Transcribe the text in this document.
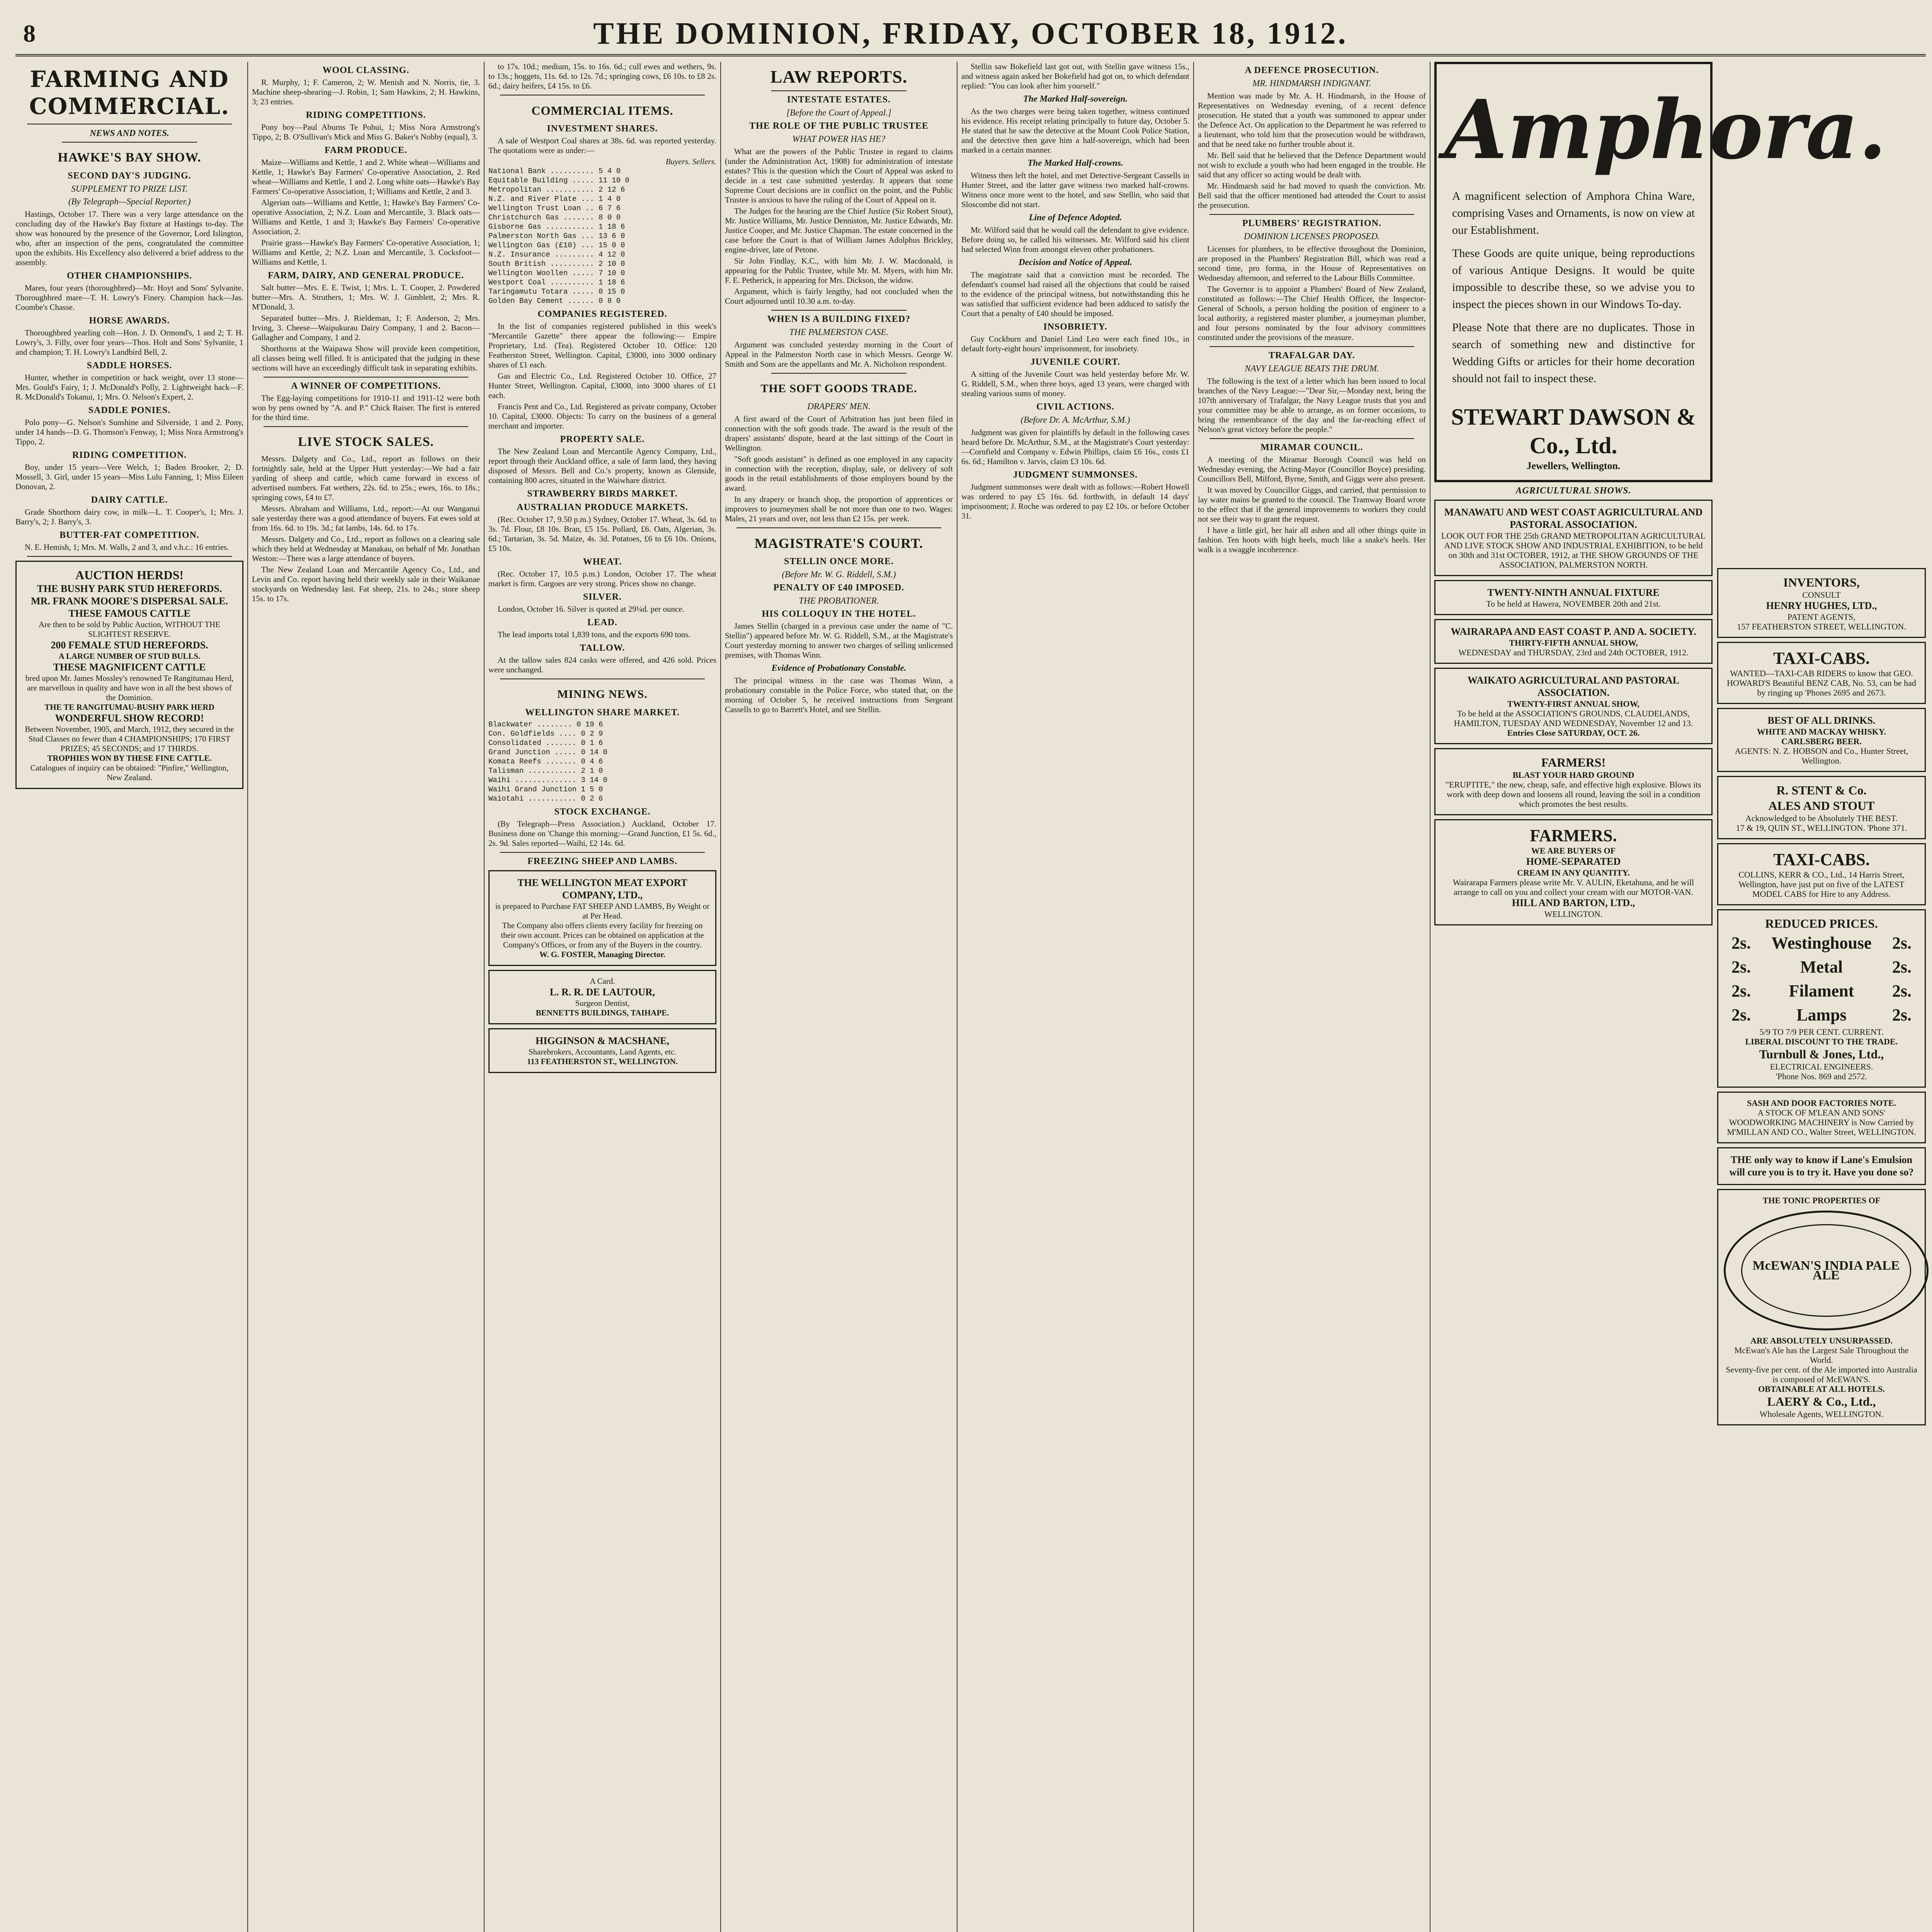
8	THE DOMINION, FRIDAY, OCTOBER 18, 1912.
FARMING AND COMMERCIAL.
NEWS AND NOTES.
HAWKE'S BAY SHOW.
SECOND DAY'S JUDGING.
SUPPLEMENT TO PRIZE LIST.
(By Telegraph—Special Reporter.)

Hastings, October 17. There was a very large attendance on the concluding day of the Hawke's Bay fixture at Hastings to-day. The show was honoured by the presence of the Governor, Lord Islington, who, after an inspection of the pens, congratulated the committee upon the exhibits. His Excellency also delivered a brief address to the assembly.

OTHER CHAMPIONSHIPS.

Mares, four years (thoroughbred)—Mr. Hoyt and Sons' Sylvanite. Thoroughbred mare—T. H. Lowry's Finery. Champion hack—Jas. Coombe's Chasse.

HORSE AWARDS.

Thoroughbred yearling colt—Hon. J. D. Ormond's, 1 and 2; T. H. Lowry's, 3. Filly, over four years—Thos. Holt and Sons' Sylvanite, 1 and champion; T. H. Lowry's Landbird Bell, 2.

SADDLE HORSES.

Hunter, whether in competition or hack weight, over 13 stone—Mrs. Gould's Fairy, 1; J. McDonald's Polly, 2. Lightweight hack—F. R. McDonald's Tokanui, 1; Mrs. O. Nelson's Expert, 2.

SADDLE PONIES.

Polo pony—G. Nelson's Sunshine and Silverside, 1 and 2. Pony, under 14 hands—D. G. Thomson's Fenway, 1; Miss Nora Armstrong's Tippo, 2.

RIDING COMPETITION.

Boy, under 15 years—Vere Welch, 1; Baden Brooker, 2; D. Mossell, 3. Girl, under 15 years—Miss Lulu Fanning, 1; Miss Eileen Donovan, 2.

DAIRY CATTLE.

Grade Shorthorn dairy cow, in milk—L. T. Cooper's, 1; Mrs. J. Barry's, 2; J. Barry's, 3.

BUTTER-FAT COMPETITION.

N. E. Hemish, 1; Mrs. M. Walls, 2 and 3, and v.h.c.: 16 entries.

AUCTION HERDS!
THE BUSHY PARK STUD HEREFORDS.
MR. FRANK MOORE'S DISPERSAL SALE.
THESE FAMOUS CATTLE
Are then to be sold by Public Auction, WITHOUT THE SLIGHTEST RESERVE.
200 FEMALE STUD HEREFORDS.
A LARGE NUMBER OF STUD BULLS.
THESE MAGNIFICENT CATTLE
bred upon Mr. James Mossley's renowned Te Rangitumau Herd, are marvellous in quality and have won in all the best shows of the Dominion.
THE TE RANGITUMAU-BUSHY PARK HERD
WONDERFUL SHOW RECORD!
Between November, 1905, and March, 1912, they secured in the Stud Classes no fewer than 4 CHAMPIONSHIPS; 170 FIRST PRIZES; 45 SECONDS; and 17 THIRDS.
TROPHIES WON BY THESE FINE CATTLE.
Catalogues of inquiry can be obtained: "Pinfire," Wellington, New Zealand.
WOOL CLASSING.

R. Murphy, 1; F. Cameron, 2; W. Menish and N. Norris, tie, 3. Machine sheep-shearing—J. Robin, 1; Sam Hawkins, 2; H. Hawkins, 3; 23 entries.

RIDING COMPETITIONS.

Pony boy—Paul Aburns Te Pohui, 1; Miss Nora Armstrong's Tippo, 2; B. O'Sullivan's Mick and Miss G. Baker's Nobby (equal), 3.

FARM PRODUCE.

Maize—Williams and Kettle, 1 and 2. White wheat—Williams and Kettle, 1; Hawke's Bay Farmers' Co-operative Association, 2. Red wheat—Williams and Kettle, 1 and 2. Long white oats—Hawke's Bay Farmers' Co-operative Association, 1; Williams and Kettle, 2 and 3.

Algerian oats—Williams and Kettle, 1; Hawke's Bay Farmers' Co-operative Association, 2; N.Z. Loan and Mercantile, 3. Black oats—Williams and Kettle, 1 and 3; Hawke's Bay Farmers' Co-operative Association, 2.

Prairie grass—Hawke's Bay Farmers' Co-operative Association, 1; Williams and Kettle, 2; N.Z. Loan and Mercantile, 3. Cocksfoot—Williams and Kettle, 1.

FARM, DAIRY, AND GENERAL PRODUCE.

Salt butter—Mrs. E. E. Twist, 1; Mrs. L. T. Cooper, 2. Powdered butter—Mrs. A. Struthers, 1; Mrs. W. J. Gimblett, 2; Mrs. R. M'Donald, 3.

Separated butter—Mrs. J. Rieldeman, 1; F. Anderson, 2; Mrs. Irving, 3. Cheese—Waipukurau Dairy Company, 1 and 2. Bacon—Gallagher and Company, 1 and 2.

Shorthorns at the Waipawa Show will provide keen competition, all classes being well filled. It is anticipated that the judging in these sections will have an exceedingly difficult task in separating exhibits.

A WINNER OF COMPETITIONS.

The Egg-laying competitions for 1910-11 and 1911-12 were both won by pens owned by "A. and P." Chick Raiser. The first is entered for the third time.

LIVE STOCK SALES.

Messrs. Dalgety and Co., Ltd., report as follows on their fortnightly sale, held at the Upper Hutt yesterday:—We had a fair yarding of sheep and cattle, which came forward in excess of advertised numbers. Fat wethers, 22s. 6d. to 25s.; ewes, 16s. to 18s.; springing cows, £4 to £7.

Messrs. Abraham and Williams, Ltd., report:—At our Wanganui sale yesterday there was a good attendance of buyers. Fat ewes sold at from 16s. 6d. to 19s. 3d.; fat lambs, 14s. 6d. to 17s.

Messrs. Dalgety and Co., Ltd., report as follows on a clearing sale which they held at Wednesday at Manakau, on behalf of Mr. Jonathan Weston:—There was a large attendance of buyers.

The New Zealand Loan and Mercantile Agency Co., Ltd., and Levin and Co. report having held their weekly sale in their Waikanae stockyards on Wednesday last. Fat sheep, 21s. to 24s.; store sheep 15s. to 17s.

to 17s. 10d.; medium, 15s. to 16s. 6d.; cull ewes and wethers, 9s. to 13s.; hoggets, 11s. 6d. to 12s. 7d.; springing cows, £6 10s. to £8 2s. 6d.; dairy heifers, £4 15s. to £6.

COMMERCIAL ITEMS.
INVESTMENT SHARES.

A sale of Westport Coal shares at 38s. 6d. was reported yesterday. The quotations were as under:—

Buyers. Sellers.
National Bank .......... 5 4 0
Equitable Building ..... 11 10 0
Metropolitan ........... 2 12 6
N.Z. and River Plate ... 1 4 0
Wellington Trust Loan .. 6 7 6
Christchurch Gas ....... 8 0 0
Gisborne Gas ........... 1 18 6
Palmerston North Gas ... 13 6 0
Wellington Gas (£10) ... 15 0 0
N.Z. Insurance ......... 4 12 0
South British .......... 2 10 0
Wellington Woollen ..... 7 10 0
Westport Coal .......... 1 18 6
Taringamutu Totara ..... 0 15 0
Golden Bay Cement ...... 0 8 0
COMPANIES REGISTERED.

In the list of companies registered published in this week's "Mercantile Gazette" there appear the following:— Empire Proprietary, Ltd. (Tea). Registered October 10. Office: 120 Featherston Street, Wellington. Capital, £3000, into 3000 ordinary shares of £1 each.

Gas and Electric Co., Ltd. Registered October 10. Office, 27 Hunter Street, Wellington. Capital, £3000, into 3000 shares of £1 each.

Francis Pent and Co., Ltd. Registered as private company, October 10. Capital, £3000. Objects: To carry on the business of a general merchant and importer.

PROPERTY SALE.

The New Zealand Loan and Mercantile Agency Company, Ltd., report through their Auckland office, a sale of farm land, they having disposed of Messrs. Bell and Co.'s property, known as Glenside, containing 800 acres, situated in the Waiwhare district.

STRAWBERRY BIRDS MARKET.
AUSTRALIAN PRODUCE MARKETS.

(Rec. October 17, 9.50 p.m.) Sydney, October 17. Wheat, 3s. 6d. to 3s. 7d. Flour, £8 10s. Bran, £5 15s. Pollard, £6. Oats, Algerian, 3s. 6d.; Tartarian, 3s. 5d. Maize, 4s. 3d. Potatoes, £6 to £6 10s. Onions, £5 10s.

WHEAT.

(Rec. October 17, 10.5 p.m.) London, October 17. The wheat market is firm. Cargoes are very strong. Prices show no change.

SILVER.

London, October 16. Silver is quoted at 29¼d. per ounce.

LEAD.

The lead imports total 1,839 tons, and the exports 690 tons.

TALLOW.

At the tallow sales 824 casks were offered, and 426 sold. Prices were unchanged.

MINING NEWS.
WELLINGTON SHARE MARKET.
Blackwater ........ 0 19 6
Con. Goldfields .... 0 2 9
Consolidated ....... 0 1 6
Grand Junction ..... 0 14 0
Komata Reefs ....... 0 4 6
Talisman ........... 2 1 0
Waihi .............. 3 14 0
Waihi Grand Junction 1 5 0
Waiotahi ........... 0 2 6
STOCK EXCHANGE.

(By Telegraph—Press Association.) Auckland, October 17. Business done on 'Change this morning:—Grand Junction, £1 5s. 6d., 2s. 9d. Sales reported—Waihi, £2 14s. 6d.

FREEZING SHEEP AND LAMBS.
THE WELLINGTON MEAT EXPORT COMPANY, LTD.,
is prepared to Purchase FAT SHEEP AND LAMBS, By Weight or at Per Head.
The Company also offers clients every facility for freezing on their own account. Prices can be obtained on application at the Company's Offices, or from any of the Buyers in the country.
W. G. FOSTER, Managing Director.
A Card.
L. R. R. DE LAUTOUR,
Surgeon Dentist,
BENNETTS BUILDINGS, TAIHAPE.
HIGGINSON & MACSHANE,
Sharebrokers, Accountants, Land Agents, etc.
113 FEATHERSTON ST., WELLINGTON.
LAW REPORTS.
INTESTATE ESTATES.
[Before the Court of Appeal.]
THE ROLE OF THE PUBLIC TRUSTEE
WHAT POWER HAS HE?

What are the powers of the Public Trustee in regard to claims (under the Administration Act, 1908) for administration of intestate estates? This is the question which the Court of Appeal was asked to decide in a test case submitted yesterday. It appears that some Supreme Court decisions are in conflict on the point, and the Public Trustee is anxious to have the ruling of the Court of Appeal on it.

The Judges for the hearing are the Chief Justice (Sir Robert Stout), Mr. Justice Williams, Mr. Justice Denniston, Mr. Justice Edwards, Mr. Justice Cooper, and Mr. Justice Chapman. The estate concerned in the case before the Court is that of William James Adolphus Brickley, engine-driver, late of Petone.

Sir John Findlay, K.C., with him Mr. J. W. Macdonald, is appearing for the Public Trustee, while Mr. M. Myers, with him Mr. F. E. Petherick, is appearing for Mrs. Dickson, the widow.

Argument, which is fairly lengthy, had not concluded when the Court adjourned until 10.30 a.m. to-day.

WHEN IS A BUILDING FIXED?
THE PALMERSTON CASE.

Argument was concluded yesterday morning in the Court of Appeal in the Palmerston North case in which Messrs. George W. Smith and Sons are the appellants and Mr. A. Nicholson respondent.

THE SOFT GOODS TRADE.
DRAPERS' MEN.

A first award of the Court of Arbitration has just been filed in connection with the soft goods trade. The award is the result of the drapers' assistants' dispute, heard at the last sittings of the Court in Wellington.

"Soft goods assistant" is defined as one employed in any capacity in connection with the reception, display, sale, or delivery of soft goods in the retail establishments of those employers bound by the award.

In any drapery or branch shop, the proportion of apprentices or improvers to journeymen shall be not more than one to two. Wages: Males, 21 years and over, not less than £2 15s. per week.

MAGISTRATE'S COURT.
STELLIN ONCE MORE.
(Before Mr. W. G. Riddell, S.M.)
PENALTY OF £40 IMPOSED.
THE PROBATIONER.
HIS COLLOQUY IN THE HOTEL.

James Stellin (charged in a previous case under the name of "C. Stellin") appeared before Mr. W. G. Riddell, S.M., at the Magistrate's Court yesterday morning to answer two charges of selling unlicensed premises, with Thomas Winn.

Evidence of Probationary Constable.

The principal witness in the case was Thomas Winn, a probationary constable in the Police Force, who stated that, on the morning of October 5, he received instructions from Sergeant Cassells to go to Barrett's Hotel, and see Stellin.

Stellin saw Bokefield last got out, with Stellin gave witness 15s., and witness again asked her Bokefield had got on, to which defendant replied: "You can look after him yourself."

The Marked Half-sovereign.

As the two charges were being taken together, witness continued his evidence. His receipt relating principally to future day, October 5. He stated that he saw the detective at the Mount Cook Police Station, and the detective then gave him a half-sovereign, which had been marked in a certain manner.

The Marked Half-crowns.

Witness then left the hotel, and met Detective-Sergeant Cassells in Hunter Street, and the latter gave witness two marked half-crowns. Witness once more went to the hotel, and saw Stellin, who said that Sloscombe did not start.

Line of Defence Adopted.

Mr. Wilford said that he would call the defendant to give evidence. Before doing so, he called his witnesses. Mr. Wilford said his client had selected Winn from amongst eleven other probationers.

Decision and Notice of Appeal.

The magistrate said that a conviction must be recorded. The defendant's counsel had raised all the objections that could be raised to the evidence of the principal witness, but notwithstanding this he was satisfied that sufficient evidence had been adduced to satisfy the Court that a penalty of £40 should be imposed.

INSOBRIETY.

Guy Cockburn and Daniel Lind Leo were each fined 10s., in default forty-eight hours' imprisonment, for insobriety.

JUVENILE COURT.

A sitting of the Juvenile Court was held yesterday before Mr. W. G. Riddell, S.M., when three boys, aged 13 years, were charged with stealing various sums of money.

CIVIL ACTIONS.
(Before Dr. A. McArthur, S.M.)

Judgment was given for plaintiffs by default in the following cases heard before Dr. McArthur, S.M., at the Magistrate's Court yesterday:—Cornfield and Company v. Edwin Phillips, claim £6 16s., costs £1 6s. 6d.; Hamilton v. Jarvis, claim £3 10s. 6d.

JUDGMENT SUMMONSES.

Judgment summonses were dealt with as follows:—Robert Howell was ordered to pay £5 16s. 6d. forthwith, in default 14 days' imprisonment; J. Roche was ordered to pay £2 10s. or before October 31.

A DEFENCE PROSECUTION.
MR. HINDMARSH INDIGNANT.

Mention was made by Mr. A. H. Hindmarsh, in the House of Representatives on Wednesday evening, of a recent defence prosecution. He stated that a youth was summoned to appear under the Defence Act. On application to the Department he was referred to a lieutenant, who told him that the prosecution would be withdrawn, and that he need take no further trouble about it.

Mr. Bell said that he believed that the Defence Department would not wish to exclude a youth who had been engaged in the trouble. He said that any officer so acting would be dealt with.

Mr. Hindmarsh said he had moved to quash the conviction. Mr. Bell said that the officer mentioned had attended the Court to assist the prosecution.

PLUMBERS' REGISTRATION.
DOMINION LICENSES PROPOSED.

Licenses for plumbers, to be effective throughout the Dominion, are proposed in the Plumbers' Registration Bill, which was read a second time, pro forma, in the House of Representatives on Wednesday afternoon, and referred to the Labour Bills Committee.

The Governor is to appoint a Plumbers' Board of New Zealand, constituted as follows:—The Chief Health Officer, the Inspector-General of Schools, a person holding the position of engineer to a local authority, a registered master plumber, a journeyman plumber, and four persons nominated by the four advisory committees constituted under the provisions of the measure.

TRAFALGAR DAY.
NAVY LEAGUE BEATS THE DRUM.

The following is the text of a letter which has been issued to local branches of the Navy League:—"Dear Sir,—Monday next, being the 107th anniversary of Trafalgar, the Navy League trusts that you and your committee may be able to arrange, as on former occasions, to bring the remembrance of the day and the far-reaching effect of Nelson's great victory before the people."

MIRAMAR COUNCIL.

A meeting of the Miramar Borough Council was held on Wednesday evening, the Acting-Mayor (Councillor Boyce) presiding. Councillors Bell, Milford, Byrne, Smith, and Giggs were also present.

It was moved by Councillor Giggs, and carried, that permission to lay water mains be granted to the council. The Tramway Board wrote to the effect that if the general improvements to workers they could not see their way to grant the request.

I have a little girl, her hair all ashen and all other things quite in fashion. Ten hoots with high heels, much like a snake's heels. Her walk is a swaggle incoherence.

Amphora.

A magnificent selection of Amphora China Ware, comprising Vases and Ornaments, is now on view at our Establishment.

These Goods are quite unique, being reproductions of various Antique Designs. It would be quite impossible to describe these, so we advise you to inspect the pieces shown in our Windows To-day.

Please Note that there are no duplicates. Those in search of something new and distinctive for Wedding Gifts or articles for their home decoration should not fail to inspect these.

STEWART DAWSON & Co., Ltd.
Jewellers, Wellington.
AGRICULTURAL SHOWS.
MANAWATU AND WEST COAST AGRICULTURAL AND PASTORAL ASSOCIATION.
LOOK OUT FOR THE 25th GRAND METROPOLITAN AGRICULTURAL AND LIVE STOCK SHOW AND INDUSTRIAL EXHIBITION, to be held on 30th and 31st OCTOBER, 1912, at THE SHOW GROUNDS OF THE ASSOCIATION, PALMERSTON NORTH.
TWENTY-NINTH ANNUAL FIXTURE
To be held at Hawera, NOVEMBER 20th and 21st.
WAIRARAPA AND EAST COAST P. AND A. SOCIETY.
THIRTY-FIFTH ANNUAL SHOW,
WEDNESDAY and THURSDAY, 23rd and 24th OCTOBER, 1912.
WAIKATO AGRICULTURAL AND PASTORAL ASSOCIATION.
TWENTY-FIRST ANNUAL SHOW,
To be held at the ASSOCIATION'S GROUNDS, CLAUDELANDS, HAMILTON, TUESDAY AND WEDNESDAY, November 12 and 13.
Entries Close SATURDAY, OCT. 26.
FARMERS!
BLAST YOUR HARD GROUND
"ERUPTITE," the new, cheap, safe, and effective high explosive. Blows its work with deep down and loosens all round, leaving the soil in a condition which promotes the best results.
FARMERS.
WE ARE BUYERS OF
HOME-SEPARATED
CREAM IN ANY QUANTITY.
Wairarapa Farmers please write Mr. V. AULIN, Eketahuna, and he will arrange to call on you and collect your cream with our MOTOR-VAN.
HILL AND BARTON, LTD.,
WELLINGTON.
INVENTORS,
CONSULT
HENRY HUGHES, LTD.,
PATENT AGENTS,
157 FEATHERSTON STREET, WELLINGTON.
TAXI-CABS.
WANTED—TAXI-CAB RIDERS to know that GEO. HOWARD'S Beautiful BENZ CAB, No. 53, can be had by ringing up 'Phones 2695 and 2673.
BEST OF ALL DRINKS.
WHITE AND MACKAY WHISKY.
CARLSBERG BEER.
AGENTS: N. Z. HOBSON and Co., Hunter Street, Wellington.
R. STENT & Co.
ALES AND STOUT
Acknowledged to be Absolutely THE BEST.
17 & 19, QUIN ST., WELLINGTON. 'Phone 371.
TAXI-CABS.
COLLINS, KERR & CO., Ltd., 14 Harris Street, Wellington, have just put on five of the LATEST MODEL CABS for Hire to any Address.
REDUCED PRICES.
2s. Westinghouse 2s.
2s.	Metal	2s.
2s. Filament 2s.
2s.	Lamps	2s.
5/9 TO 7/9 PER CENT. CURRENT.
LIBERAL DISCOUNT TO THE TRADE.
Turnbull & Jones, Ltd.,
ELECTRICAL ENGINEERS.
'Phone Nos. 869 and 2572.
SASH AND DOOR FACTORIES NOTE.
A STOCK OF M'LEAN AND SONS' WOODWORKING MACHINERY is Now Carried by M'MILLAN AND CO., Walter Street, WELLINGTON.
THE only way to know if Lane's Emulsion will cure you is to try it. Have you done so?
THE TONIC PROPERTIES OF
McEWAN'S INDIA PALE ALE
ARE ABSOLUTELY UNSURPASSED.
McEwan's Ale has the Largest Sale Throughout the World.
Seventy-five per cent. of the Ale imported into Australia is composed of McEWAN'S.
OBTAINABLE AT ALL HOTELS.
LAERY & Co., Ltd.,
Wholesale Agents, WELLINGTON.
